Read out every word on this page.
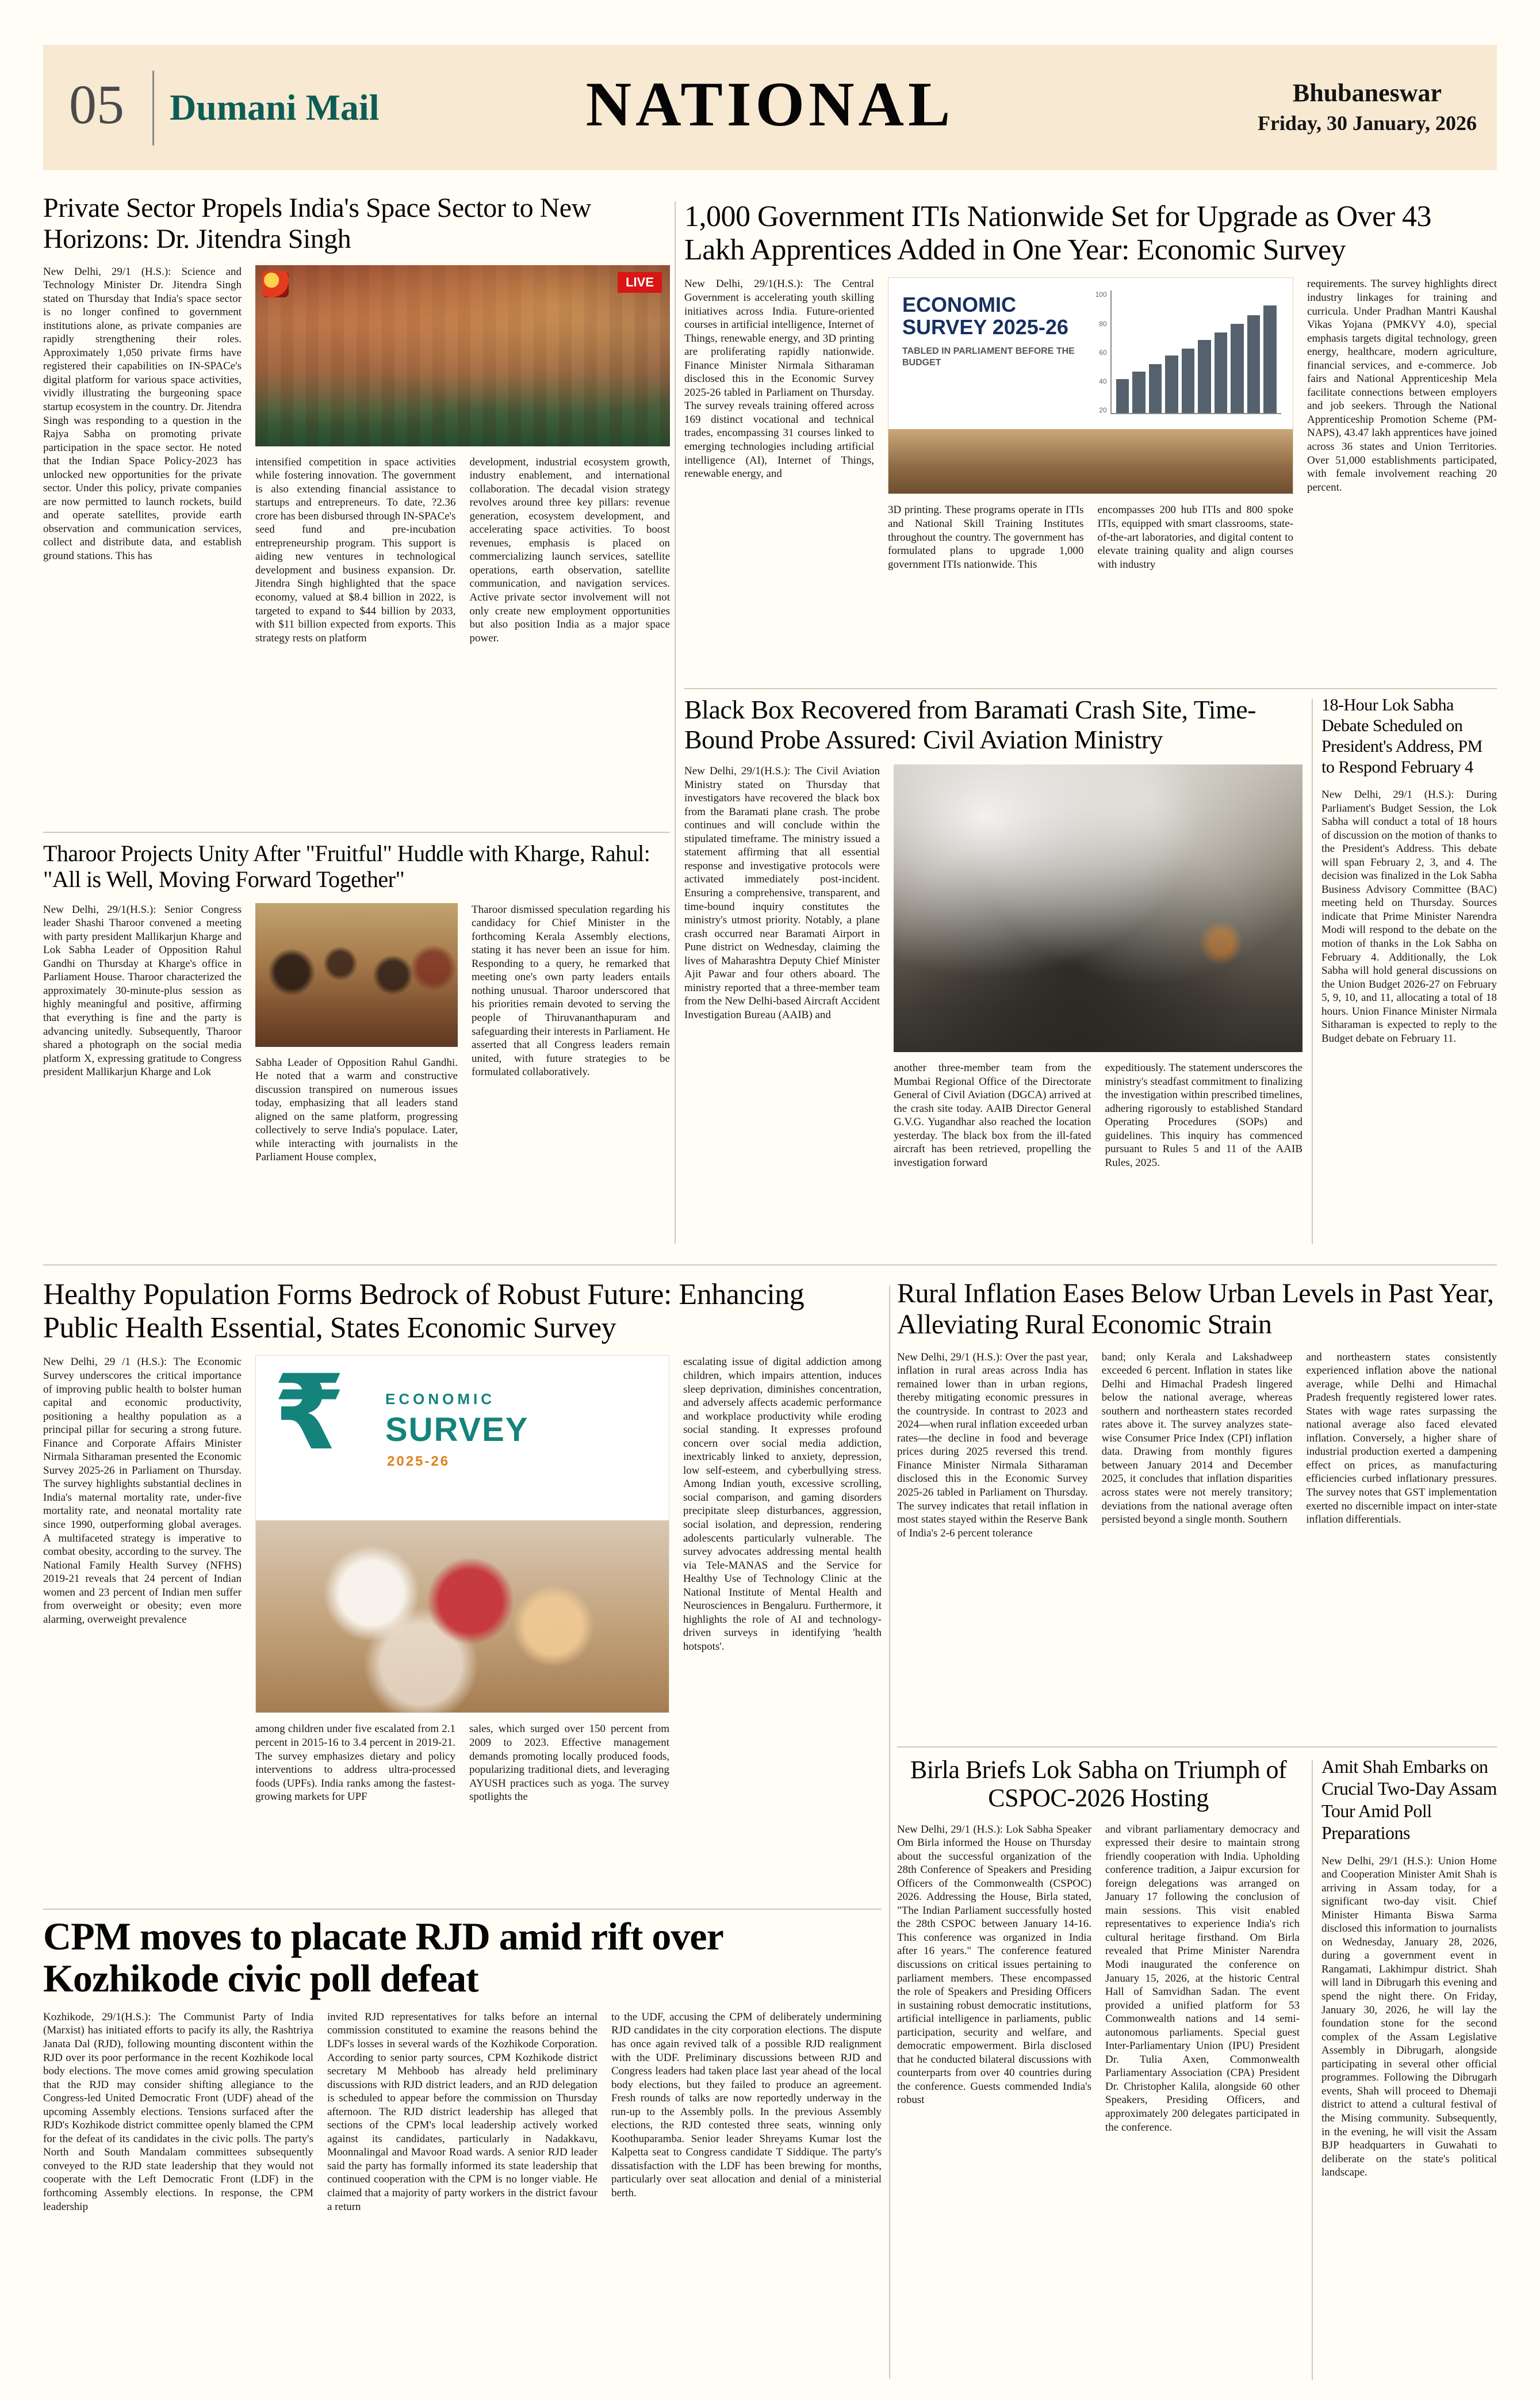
05 Dumani Mail	NATIONAL	Bhubaneswar
Friday, 30 January, 2026
Private Sector Propels India's Space Sector to New Horizons: Dr. Jitendra Singh
New Delhi, 29/1 (H.S.): Science and Technology Minister Dr. Jitendra Singh stated on Thursday that India's space sector is no longer confined to government institutions alone, as private companies are rapidly strengthening their roles. Approximately 1,050 private firms have registered their capabilities on IN-SPACe's digital platform for various space activities, vividly illustrating the burgeoning space startup ecosystem in the country. Dr. Jitendra Singh was responding to a question in the Rajya Sabha on promoting private participation in the space sector. He noted that the Indian Space Policy-2023 has unlocked new opportunities for the private sector. Under this policy, private companies are now permitted to launch rockets, build and operate satellites, provide earth observation and communication services, collect and distribute data, and establish ground stations. This has
LIVE
intensified competition in space activities while fostering innovation. The government is also extending financial assistance to startups and entrepreneurs. To date, ?2.36 crore has been disbursed through IN-SPACe's seed fund and pre-incubation entrepreneurship program. This support is aiding new ventures in technological development and business expansion. Dr. Jitendra Singh highlighted that the space economy, valued at $8.4 billion in 2022, is targeted to expand to $44 billion by 2033, with $11 billion expected from exports. This strategy rests on platform
development, industrial ecosystem growth, industry enablement, and international collaboration. The decadal vision strategy revolves around three key pillars: revenue generation, ecosystem development, and accelerating space activities. To boost revenues, emphasis is placed on commercializing launch services, satellite operations, earth observation, satellite communication, and navigation services. Active private sector involvement will not only create new employment opportunities but also position India as a major space power.
1,000 Government ITIs Nationwide Set for Upgrade as Over 43 Lakh Apprentices Added in One Year: Economic Survey
New Delhi, 29/1(H.S.): The Central Government is accelerating youth skilling initiatives across India. Future-oriented courses in artificial intelligence, Internet of Things, renewable energy, and 3D printing are proliferating rapidly nationwide. Finance Minister Nirmala Sitharaman disclosed this in the Economic Survey 2025-26 tabled in Parliament on Thursday. The survey reveals training offered across 169 distinct vocational and technical trades, encompassing 31 courses linked to emerging technologies including artificial intelligence (AI), Internet of Things, renewable energy, and
ECONOMIC SURVEY 2025-26
TABLED IN PARLIAMENT BEFORE THE BUDGET
100
80
60
40
20
3D printing. These programs operate in ITIs and National Skill Training Institutes throughout the country. The government has formulated plans to upgrade 1,000 government ITIs nationwide. This
encompasses 200 hub ITIs and 800 spoke ITIs, equipped with smart classrooms, state-of-the-art laboratories, and digital content to elevate training quality and align courses with industry
requirements. The survey highlights direct industry linkages for training and curricula. Under Pradhan Mantri Kaushal Vikas Yojana (PMKVY 4.0), special emphasis targets digital technology, green energy, healthcare, modern agriculture, financial services, and e-commerce. Job fairs and National Apprenticeship Mela facilitate connections between employers and job seekers. Through the National Apprenticeship Promotion Scheme (PM-NAPS), 43.47 lakh apprentices have joined across 36 states and Union Territories. Over 51,000 establishments participated, with female involvement reaching 20 percent.
Tharoor Projects Unity After "Fruitful" Huddle with Kharge, Rahul: "All is Well, Moving Forward Together"
New Delhi, 29/1(H.S.): Senior Congress leader Shashi Tharoor convened a meeting with party president Mallikarjun Kharge and Lok Sabha Leader of Opposition Rahul Gandhi on Thursday at Kharge's office in Parliament House. Tharoor characterized the approximately 30-minute-plus session as highly meaningful and positive, affirming that everything is fine and the party is advancing unitedly. Subsequently, Tharoor shared a photograph on the social media platform X, expressing gratitude to Congress president Mallikarjun Kharge and Lok
Sabha Leader of Opposition Rahul Gandhi. He noted that a warm and constructive discussion transpired on numerous issues today, emphasizing that all leaders stand aligned on the same platform, progressing collectively to serve India's populace. Later, while interacting with journalists in the Parliament House complex,
Tharoor dismissed speculation regarding his candidacy for Chief Minister in the forthcoming Kerala Assembly elections, stating it has never been an issue for him. Responding to a query, he remarked that meeting one's own party leaders entails nothing unusual. Tharoor underscored that his priorities remain devoted to serving the people of Thiruvananthapuram and safeguarding their interests in Parliament. He asserted that all Congress leaders remain united, with future strategies to be formulated collaboratively.
Black Box Recovered from Baramati Crash Site, Time-Bound Probe Assured: Civil Aviation Ministry
New Delhi, 29/1(H.S.): The Civil Aviation Ministry stated on Thursday that investigators have recovered the black box from the Baramati plane crash. The probe continues and will conclude within the stipulated timeframe. The ministry issued a statement affirming that all essential response and investigative protocols were activated immediately post-incident. Ensuring a comprehensive, transparent, and time-bound inquiry constitutes the ministry's utmost priority. Notably, a plane crash occurred near Baramati Airport in Pune district on Wednesday, claiming the lives of Maharashtra Deputy Chief Minister Ajit Pawar and four others aboard. The ministry reported that a three-member team from the New Delhi-based Aircraft Accident Investigation Bureau (AAIB) and
another three-member team from the Mumbai Regional Office of the Directorate General of Civil Aviation (DGCA) arrived at the crash site today. AAIB Director General G.V.G. Yugandhar also reached the location yesterday. The black box from the ill-fated aircraft has been retrieved, propelling the investigation forward
expeditiously. The statement underscores the ministry's steadfast commitment to finalizing the investigation within prescribed timelines, adhering rigorously to established Standard Operating Procedures (SOPs) and guidelines. This inquiry has commenced pursuant to Rules 5 and 11 of the AAIB Rules, 2025.
18-Hour Lok Sabha Debate Scheduled on President's Address, PM to Respond February 4
New Delhi, 29/1 (H.S.): During Parliament's Budget Session, the Lok Sabha will conduct a total of 18 hours of discussion on the motion of thanks to the President's Address. This debate will span February 2, 3, and 4. The decision was finalized in the Lok Sabha Business Advisory Committee (BAC) meeting held on Thursday. Sources indicate that Prime Minister Narendra Modi will respond to the debate on the motion of thanks in the Lok Sabha on February 4. Additionally, the Lok Sabha will hold general discussions on the Union Budget 2026-27 on February 5, 9, 10, and 11, allocating a total of 18 hours. Union Finance Minister Nirmala Sitharaman is expected to reply to the Budget debate on February 11.
Healthy Population Forms Bedrock of Robust Future: Enhancing Public Health Essential, States Economic Survey
New Delhi, 29 /1 (H.S.): The Economic Survey underscores the critical importance of improving public health to bolster human capital and economic productivity, positioning a healthy population as a principal pillar for securing a strong future. Finance and Corporate Affairs Minister Nirmala Sitharaman presented the Economic Survey 2025-26 in Parliament on Thursday. The survey highlights substantial declines in India's maternal mortality rate, under-five mortality rate, and neonatal mortality rate since 1990, outperforming global averages. A multifaceted strategy is imperative to combat obesity, according to the survey. The National Family Health Survey (NFHS) 2019-21 reveals that 24 percent of Indian women and 23 percent of Indian men suffer from overweight or obesity; even more alarming, overweight prevalence
₹	ECONOMIC
SURVEY
2025-26
among children under five escalated from 2.1 percent in 2015-16 to 3.4 percent in 2019-21. The survey emphasizes dietary and policy interventions to address ultra-processed foods (UPFs). India ranks among the fastest-growing markets for UPF
sales, which surged over 150 percent from 2009 to 2023. Effective management demands promoting locally produced foods, popularizing traditional diets, and leveraging AYUSH practices such as yoga. The survey spotlights the
escalating issue of digital addiction among children, which impairs attention, induces sleep deprivation, diminishes concentration, and adversely affects academic performance and workplace productivity while eroding social standing. It expresses profound concern over social media addiction, inextricably linked to anxiety, depression, low self-esteem, and cyberbullying stress. Among Indian youth, excessive scrolling, social comparison, and gaming disorders precipitate sleep disturbances, aggression, social isolation, and depression, rendering adolescents particularly vulnerable. The survey advocates addressing mental health via Tele-MANAS and the Service for Healthy Use of Technology Clinic at the National Institute of Mental Health and Neurosciences in Bengaluru. Furthermore, it highlights the role of AI and technology-driven surveys in identifying 'health hotspots'.
Rural Inflation Eases Below Urban Levels in Past Year, Alleviating Rural Economic Strain
New Delhi, 29/1 (H.S.): Over the past year, inflation in rural areas across India has remained lower than in urban regions, thereby mitigating economic pressures in the countryside. In contrast to 2023 and 2024—when rural inflation exceeded urban rates—the decline in food and beverage prices during 2025 reversed this trend. Finance Minister Nirmala Sitharaman disclosed this in the Economic Survey 2025-26 tabled in Parliament on Thursday. The survey indicates that retail inflation in most states stayed within the Reserve Bank of India's 2-6 percent tolerance
band; only Kerala and Lakshadweep exceeded 6 percent. Inflation in states like Delhi and Himachal Pradesh lingered below the national average, whereas southern and northeastern states recorded rates above it. The survey analyzes state-wise Consumer Price Index (CPI) inflation data. Drawing from monthly figures between January 2014 and December 2025, it concludes that inflation disparities across states were not merely transitory; deviations from the national average often persisted beyond a single month. Southern
and northeastern states consistently experienced inflation above the national average, while Delhi and Himachal Pradesh frequently registered lower rates. States with wage rates surpassing the national average also faced elevated inflation. Conversely, a higher share of industrial production exerted a dampening effect on prices, as manufacturing efficiencies curbed inflationary pressures. The survey notes that GST implementation exerted no discernible impact on inter-state inflation differentials.
Birla Briefs Lok Sabha on Triumph of CSPOC-2026 Hosting
New Delhi, 29/1 (H.S.): Lok Sabha Speaker Om Birla informed the House on Thursday about the successful organization of the 28th Conference of Speakers and Presiding Officers of the Commonwealth (CSPOC) 2026. Addressing the House, Birla stated, "The Indian Parliament successfully hosted the 28th CSPOC between January 14-16. This conference was organized in India after 16 years." The conference featured discussions on critical issues pertaining to parliament members. These encompassed the role of Speakers and Presiding Officers in sustaining robust democratic institutions, artificial intelligence in parliaments, public participation, security and welfare, and democratic empowerment. Birla disclosed that he conducted bilateral discussions with counterparts from over 40 countries during the conference. Guests commended India's robust
and vibrant parliamentary democracy and expressed their desire to maintain strong friendly cooperation with India. Upholding conference tradition, a Jaipur excursion for foreign delegations was arranged on January 17 following the conclusion of main sessions. This visit enabled representatives to experience India's rich cultural heritage firsthand. Om Birla revealed that Prime Minister Narendra Modi inaugurated the conference on January 15, 2026, at the historic Central Hall of Samvidhan Sadan. The event provided a unified platform for 53 Commonwealth nations and 14 semi-autonomous parliaments. Special guest Inter-Parliamentary Union (IPU) President Dr. Tulia Axen, Commonwealth Parliamentary Association (CPA) President Dr. Christopher Kalila, alongside 60 other Speakers, Presiding Officers, and approximately 200 delegates participated in the conference.
Amit Shah Embarks on Crucial Two-Day Assam Tour Amid Poll Preparations
New Delhi, 29/1 (H.S.): Union Home and Cooperation Minister Amit Shah is arriving in Assam today, for a significant two-day visit. Chief Minister Himanta Biswa Sarma disclosed this information to journalists on Wednesday, January 28, 2026, during a government event in Rangamati, Lakhimpur district. Shah will land in Dibrugarh this evening and spend the night there. On Friday, January 30, 2026, he will lay the foundation stone for the second complex of the Assam Legislative Assembly in Dibrugarh, alongside participating in several other official programmes. Following the Dibrugarh events, Shah will proceed to Dhemaji district to attend a cultural festival of the Mising community. Subsequently, in the evening, he will visit the Assam BJP headquarters in Guwahati to deliberate on the state's political landscape.
CPM moves to placate RJD amid rift over Kozhikode civic poll defeat
Kozhikode, 29/1(H.S.): The Communist Party of India (Marxist) has initiated efforts to pacify its ally, the Rashtriya Janata Dal (RJD), following mounting discontent within the RJD over its poor performance in the recent Kozhikode local body elections. The move comes amid growing speculation that the RJD may consider shifting allegiance to the Congress-led United Democratic Front (UDF) ahead of the upcoming Assembly elections. Tensions surfaced after the RJD's Kozhikode district committee openly blamed the CPM for the defeat of its candidates in the civic polls. The party's North and South Mandalam committees subsequently conveyed to the RJD state leadership that they would not cooperate with the Left Democratic Front (LDF) in the forthcoming Assembly elections. In response, the CPM leadership
invited RJD representatives for talks before an internal commission constituted to examine the reasons behind the LDF's losses in several wards of the Kozhikode Corporation. According to senior party sources, CPM Kozhikode district secretary M Mehboob has already held preliminary discussions with RJD district leaders, and an RJD delegation is scheduled to appear before the commission on Thursday afternoon. The RJD district leadership has alleged that sections of the CPM's local leadership actively worked against its candidates, particularly in Nadakkavu, Moonnalingal and Mavoor Road wards. A senior RJD leader said the party has formally informed its state leadership that continued cooperation with the CPM is no longer viable. He claimed that a majority of party workers in the district favour a return
to the UDF, accusing the CPM of deliberately undermining RJD candidates in the city corporation elections. The dispute has once again revived talk of a possible RJD realignment with the UDF. Preliminary discussions between RJD and Congress leaders had taken place last year ahead of the local body elections, but they failed to produce an agreement. Fresh rounds of talks are now reportedly underway in the run-up to the Assembly polls. In the previous Assembly elections, the RJD contested three seats, winning only Koothuparamba. Senior leader Shreyams Kumar lost the Kalpetta seat to Congress candidate T Siddique. The party's dissatisfaction with the LDF has been brewing for months, particularly over seat allocation and denial of a ministerial berth.
